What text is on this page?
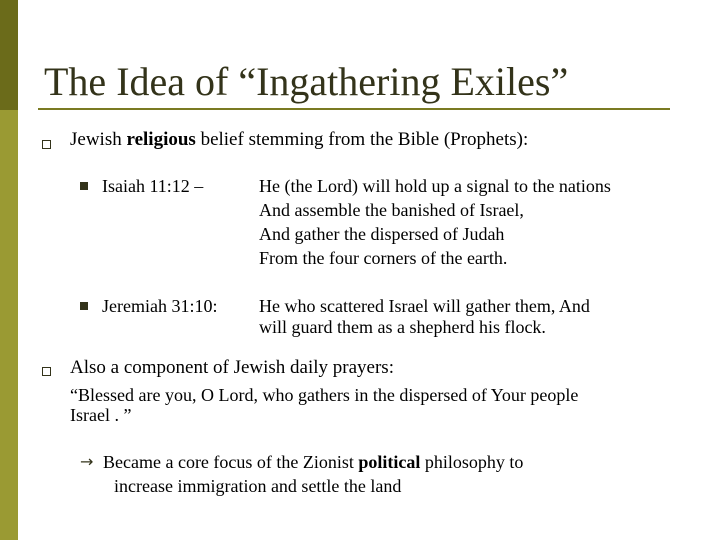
The Idea of “Ingathering Exiles”
Jewish religious belief stemming from the Bible (Prophets):
Isaiah 11:12 –	He (the Lord) will hold up a signal to the nations
And assemble the banished of Israel,
And gather the dispersed of Judah
From the four corners of the earth.
Jeremiah 31:10: He who scattered Israel will gather them, And
will guard them as a shepherd his flock.
Also a component of Jewish daily prayers:
“Blessed are you, O Lord, who gathers in the dispersed of Your people
Israel . ”
→ Became a core focus of the Zionist political philosophy to
increase immigration and settle the land
